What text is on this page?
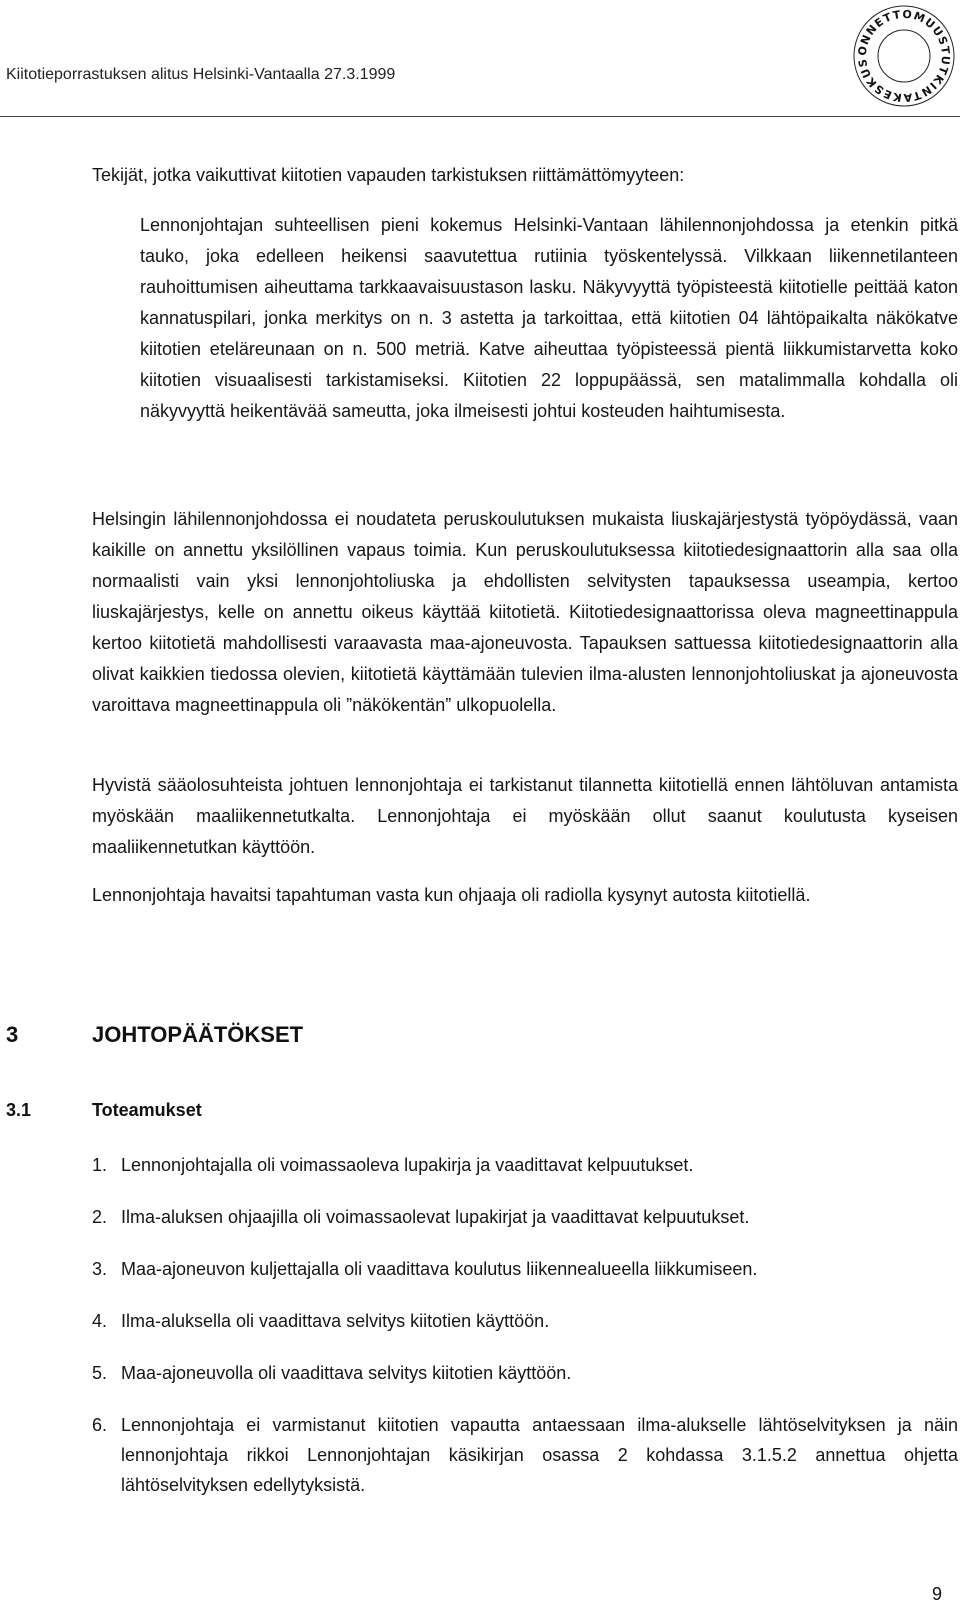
Kiitotieporrastuksen alitus Helsinki-Vantaalla 27.3.1999
ONNETTOMUUSTUTKINTAKESKUS

Tekijät, jotka vaikuttivat kiitotien vapauden tarkistuksen riittämättömyyteen:

Lennonjohtajan suhteellisen pieni kokemus Helsinki-Vantaan lähilennonjohdossa ja etenkin pitkä tauko, joka edelleen heikensi saavutettua rutiinia työskentelyssä. Vilkkaan liikennetilanteen rauhoittumisen aiheuttama tarkkaavaisuustason lasku. Näkyvyyttä työpisteestä kiitotielle peittää katon kannatuspilari, jonka merkitys on n. 3 astetta ja tarkoittaa, että kiitotien 04 lähtöpaikalta näkökatve kiitotien eteläreunaan on n. 500 metriä. Katve aiheuttaa työpisteessä pientä liikkumistarvetta koko kiitotien visuaalisesti tarkistamiseksi. Kiitotien 22 loppupäässä, sen matalimmalla kohdalla oli näkyvyyttä heikentävää sameutta, joka ilmeisesti johtui kosteuden haihtumisesta.

Helsingin lähilennonjohdossa ei noudateta peruskoulutuksen mukaista liuskajärjestystä työpöydässä, vaan kaikille on annettu yksilöllinen vapaus toimia. Kun peruskoulutuksessa kiitotiedesignaattorin alla saa olla normaalisti vain yksi lennonjohtoliuska ja ehdollisten selvitysten tapauksessa useampia, kertoo liuskajärjestys, kelle on annettu oikeus käyttää kiitotietä. Kiitotiedesignaattorissa oleva magneettinappula kertoo kiitotietä mahdollisesti varaavasta maa-ajoneuvosta. Tapauksen sattuessa kiitotiedesignaattorin alla olivat kaikkien tiedossa olevien, kiitotietä käyttämään tulevien ilma-alusten lennonjohtoliuskat ja ajoneuvosta varoittava magneettinappula oli ”näkökentän” ulkopuolella.

Hyvistä sääolosuhteista johtuen lennonjohtaja ei tarkistanut tilannetta kiitotiellä ennen lähtöluvan antamista myöskään maaliikennetutkalta. Lennonjohtaja ei myöskään ollut saanut koulutusta kyseisen maaliikennetutkan käyttöön.

Lennonjohtaja havaitsi tapahtuman vasta kun ohjaaja oli radiolla kysynyt autosta kiitotiellä.

3	JOHTOPÄÄTÖKSET
3.1	Toteamukset
1. Lennonjohtajalla oli voimassaoleva lupakirja ja vaadittavat kelpuutukset.
2. Ilma-aluksen ohjaajilla oli voimassaolevat lupakirjat ja vaadittavat kelpuutukset.
3. Maa-ajoneuvon kuljettajalla oli vaadittava koulutus liikennealueella liikkumiseen.
4. Ilma-aluksella oli vaadittava selvitys kiitotien käyttöön.
5. Maa-ajoneuvolla oli vaadittava selvitys kiitotien käyttöön.
6. Lennonjohtaja ei varmistanut kiitotien vapautta antaessaan ilma-alukselle lähtöselvityksen ja näin lennonjohtaja rikkoi Lennonjohtajan käsikirjan osassa 2 kohdassa 3.1.5.2 annettua ohjetta lähtöselvityksen edellytyksistä.
9
